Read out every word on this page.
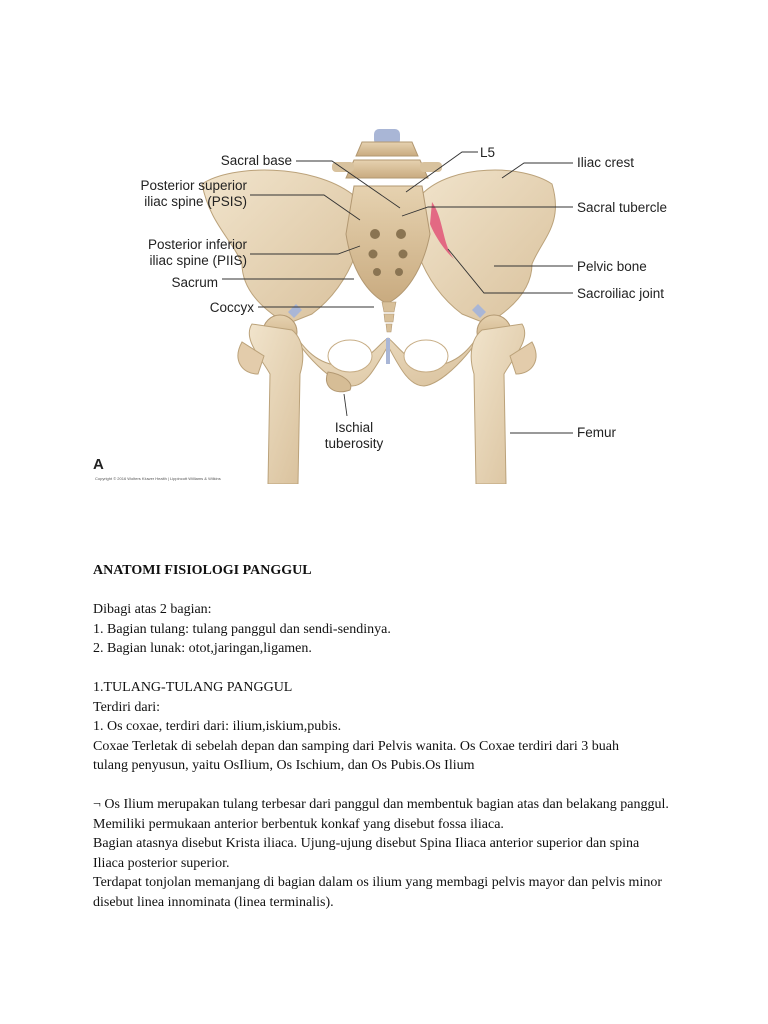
Sacral base
Posterior superior
iliac spine (PSIS)
Posterior inferior
iliac spine (PIIS)
Sacrum
Coccyx
L5
Iliac crest
Sacral tubercle
Pelvic bone
Sacroiliac joint
Ischial
tuberosity
Femur
A
Copyright © 2016 Wolters Kluwer Health | Lippincott Williams & Wilkins

ANATOMI FISIOLOGI PANGGUL

Dibagi atas 2 bagian:

1. Bagian tulang: tulang panggul dan sendi-sendinya.

2. Bagian lunak: otot,jaringan,ligamen.

1.TULANG-TULANG PANGGUL

Terdiri dari:

1. Os coxae, terdiri dari: ilium,iskium,pubis.

Coxae Terletak di sebelah depan dan samping dari Pelvis wanita. Os Coxae terdiri dari 3 buah tulang penyusun, yaitu OsIlium, Os Ischium, dan Os Pubis.Os Ilium

¬ Os Ilium merupakan tulang terbesar dari panggul dan membentuk bagian atas dan belakang panggul.

Memiliki permukaan anterior berbentuk konkaf yang disebut fossa iliaca.

Bagian atasnya disebut Krista iliaca. Ujung-ujung disebut Spina Iliaca anterior superior dan spina Iliaca posterior superior.

Terdapat tonjolan memanjang di bagian dalam os ilium yang membagi pelvis mayor dan pelvis minor disebut linea innominata (linea terminalis).
